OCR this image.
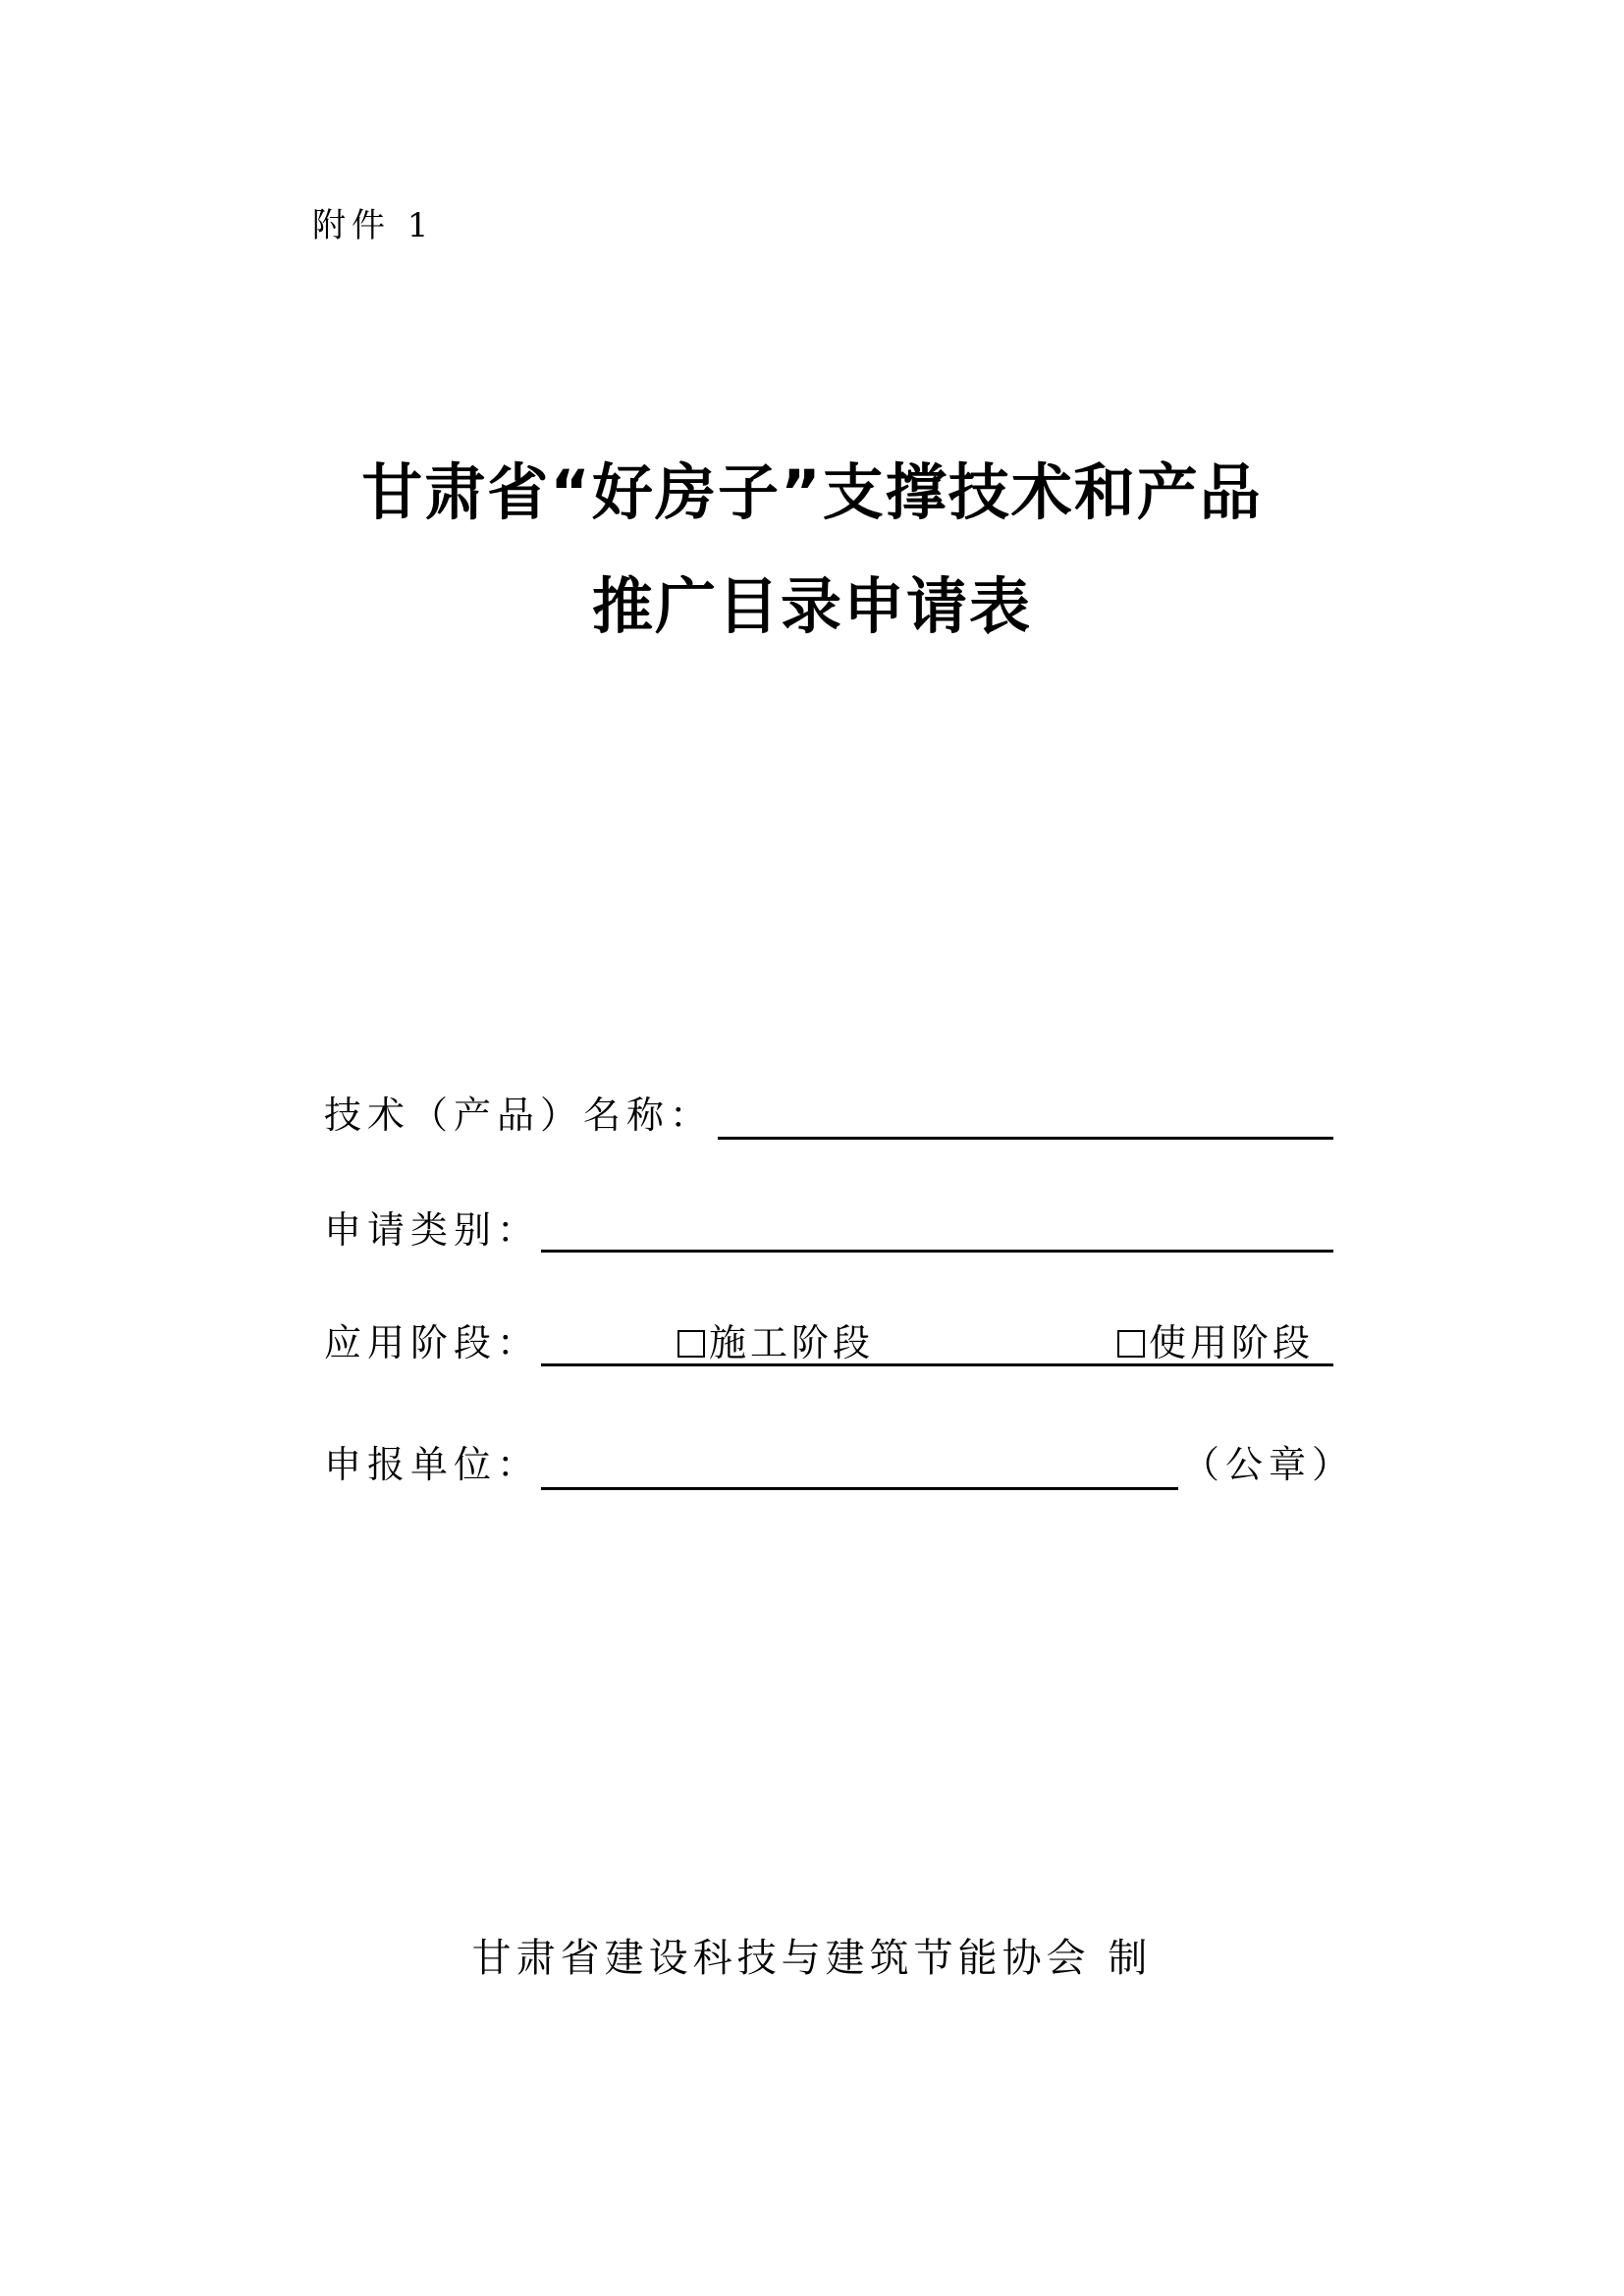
附件 1
甘肃省“好房子”支撑技术和产品
推广目录申请表
技术（产品）名称：
申请类别：
应用阶段：	施工阶段	使用阶段
申报单位：	（公章）
甘肃省建设科技与建筑节能协会 制
